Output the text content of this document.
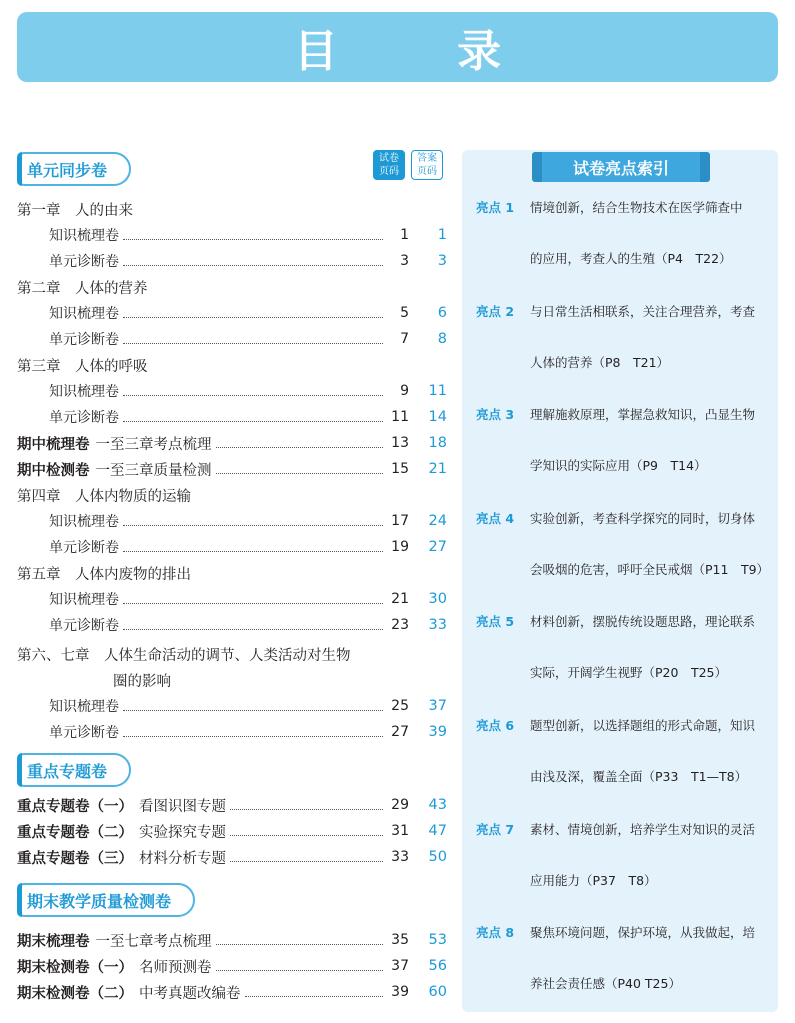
目 录
单元同步卷
试卷
页码
答案
页码
重点专题卷
期末教学质量检测卷
第一章　人的由来
知识梳理卷	1	1
单元诊断卷	3	3
第二章　人体的营养
知识梳理卷	5	6
单元诊断卷	7	8
第三章　人体的呼吸
知识梳理卷	9	11
单元诊断卷	11	14
期中梳理卷 一至三章考点梳理	13	18
期中检测卷 一至三章质量检测	15	21
第四章　人体内物质的运输
知识梳理卷	17	24
单元诊断卷	19	27
第五章　人体内废物的排出
知识梳理卷	21	30
单元诊断卷	23	33
第六、七章　人体生命活动的调节、人类活动对生物
圈的影响
知识梳理卷	25	37
单元诊断卷	27	39
重点专题卷（一） 看图识图专题	29	43
重点专题卷（二） 实验探究专题	31	47
重点专题卷（三） 材料分析专题	33	50
期末梳理卷 一至七章考点梳理	35	53
期末检测卷（一） 名师预测卷	37	56
期末检测卷（二） 中考真题改编卷	39	60
试卷亮点索引
亮点 1 情境创新，结合生物技术在医学筛查中
的应用，考查人的生殖（P4　T22）
亮点 2 与日常生活相联系，关注合理营养，考查
人体的营养（P8　T21）
亮点 3 理解施救原理，掌握急救知识，凸显生物
学知识的实际应用（P9　T14）
亮点 4 实验创新，考查科学探究的同时，切身体
会吸烟的危害，呼吁全民戒烟（P11　T9）
亮点 5 材料创新，摆脱传统设题思路，理论联系
实际，开阔学生视野（P20　T25）
亮点 6 题型创新，以选择题组的形式命题，知识
由浅及深，覆盖全面（P33　T1—T8）
亮点 7 素材、情境创新，培养学生对知识的灵活
应用能力（P37　T8）
亮点 8 聚焦环境问题，保护环境，从我做起，培
养社会责任感（P40 T25）
